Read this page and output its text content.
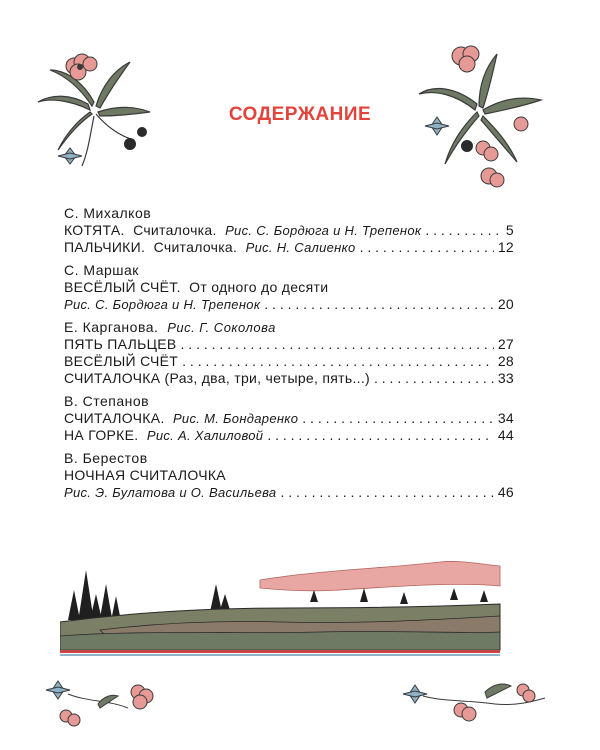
СОДЕРЖАНИЕ
С. Михалков
КОТЯТА. Считалочка. Рис. С. Бордюга и Н. Трепенок . . .	5
ПАЛЬЧИКИ. Считалочка. Рис. Н. Салиенко . . .	12
С. Маршак
ВЕСЁЛЫЙ СЧЁТ. От одного до десяти
Рис. С. Бордюга и Н. Трепенок . . .	20
Е. Карганова. Рис. Г. Соколова
ПЯТЬ ПАЛЬЦЕВ . . .	27
ВЕСЁЛЫЙ СЧЁТ . . .	28
СЧИТАЛОЧКА (Раз, два, три, четыре, пять...) . . .	33
В. Степанов
СЧИТАЛОЧКА. Рис. М. Бондаренко . . .	34
НА ГОРКЕ. Рис. А. Халиловой . . .	44
В. Берестов
НОЧНАЯ СЧИТАЛОЧКА
Рис. Э. Булатова и О. Васильева . . .	46
